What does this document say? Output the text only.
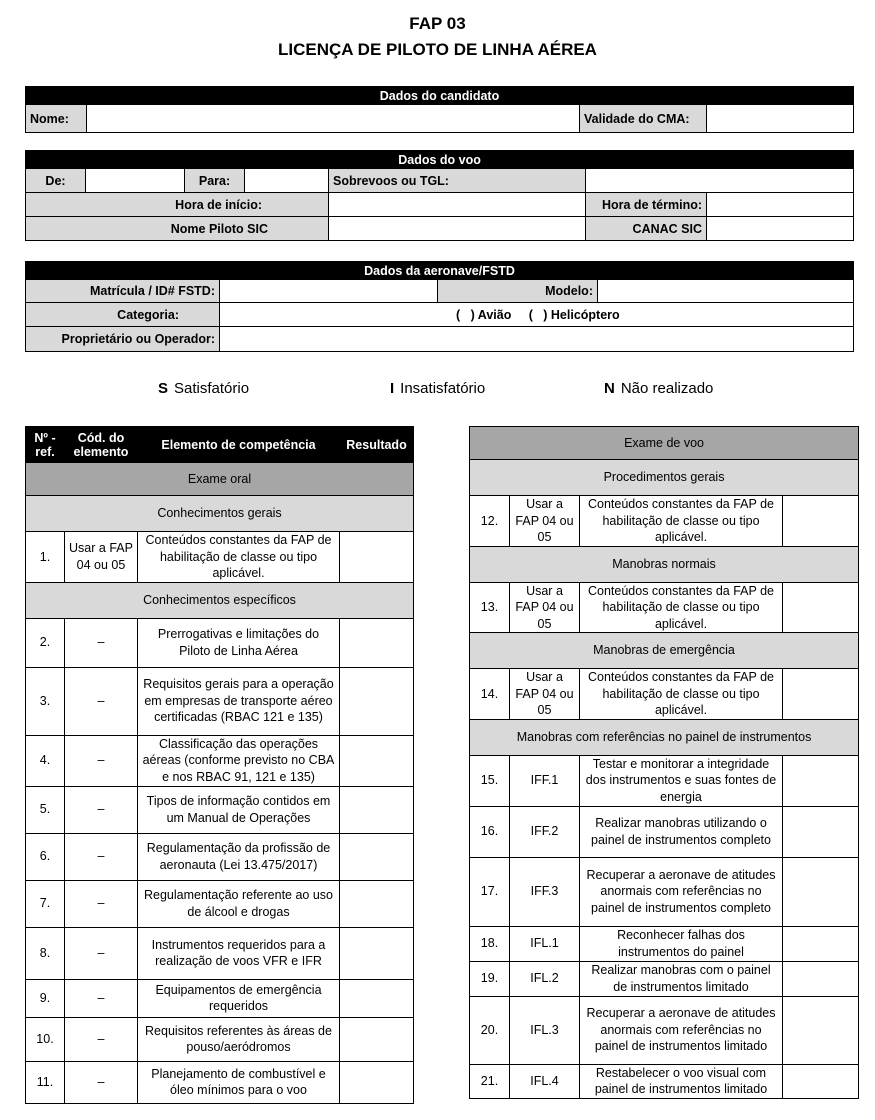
FAP 03
LICENÇA DE PILOTO DE LINHA AÉREA
Dados do candidato
Nome:		Validade do CMA:	
Dados do voo						
De:		Para:		Sobrevoos ou TGL:		
Hora de início:					Hora de término:	
Nome Piloto SIC					CANAC SIC	
Dados da aeronave/FSTD			
Matrícula / ID# FSTD:		Modelo:	
Categoria:	(   ) Avião     (   ) Helicóptero		
Proprietário ou Operador:			
S Satisfatório	I Insatisfatório	N Não realizado
Nº - ref.	Cód. do elemento	Elemento de competência	Resultado
Exame oral			
Conhecimentos gerais			
1.	Usar a FAP 04 ou 05	Conteúdos constantes da FAP de habilitação de classe ou tipo aplicável.	
Conhecimentos específicos			
2.	–	Prerrogativas e limitações do Piloto de Linha Aérea	
3.	–	Requisitos gerais para a operação em empresas de transporte aéreo certificadas (RBAC 121 e 135)	
4.	–	Classificação das operações aéreas (conforme previsto no CBA e nos RBAC 91, 121 e 135)	
5.	–	Tipos de informação contidos em um Manual de Operações	
6.	–	Regulamentação da profissão de aeronauta (Lei 13.475/2017)	
7.	–	Regulamentação referente ao uso de álcool e drogas	
8.	–	Instrumentos requeridos para a realização de voos VFR e IFR	
9.	–	Equipamentos de emergência requeridos	
10.	–	Requisitos referentes às áreas de pouso/aeródromos	
11.	–	Planejamento de combustível e óleo mínimos para o voo	
Exame de voo			
Procedimentos gerais			
12.	Usar a FAP 04 ou 05	Conteúdos constantes da FAP de habilitação de classe ou tipo aplicável.	
Manobras normais			
13.	Usar a FAP 04 ou 05	Conteúdos constantes da FAP de habilitação de classe ou tipo aplicável.	
Manobras de emergência			
14.	Usar a FAP 04 ou 05	Conteúdos constantes da FAP de habilitação de classe ou tipo aplicável.	
Manobras com referências no painel de instrumentos			
15.	IFF.1	Testar e monitorar a integridade dos instrumentos e suas fontes de energia	
16.	IFF.2	Realizar manobras utilizando o painel de instrumentos completo	
17.	IFF.3	Recuperar a aeronave de atitudes anormais com referências no painel de instrumentos completo	
18.	IFL.1	Reconhecer falhas dos instrumentos do painel	
19.	IFL.2	Realizar manobras com o painel de instrumentos limitado	
20.	IFL.3	Recuperar a aeronave de atitudes anormais com referências no painel de instrumentos limitado	
21.	IFL.4	Restabelecer o voo visual com painel de instrumentos limitado	
